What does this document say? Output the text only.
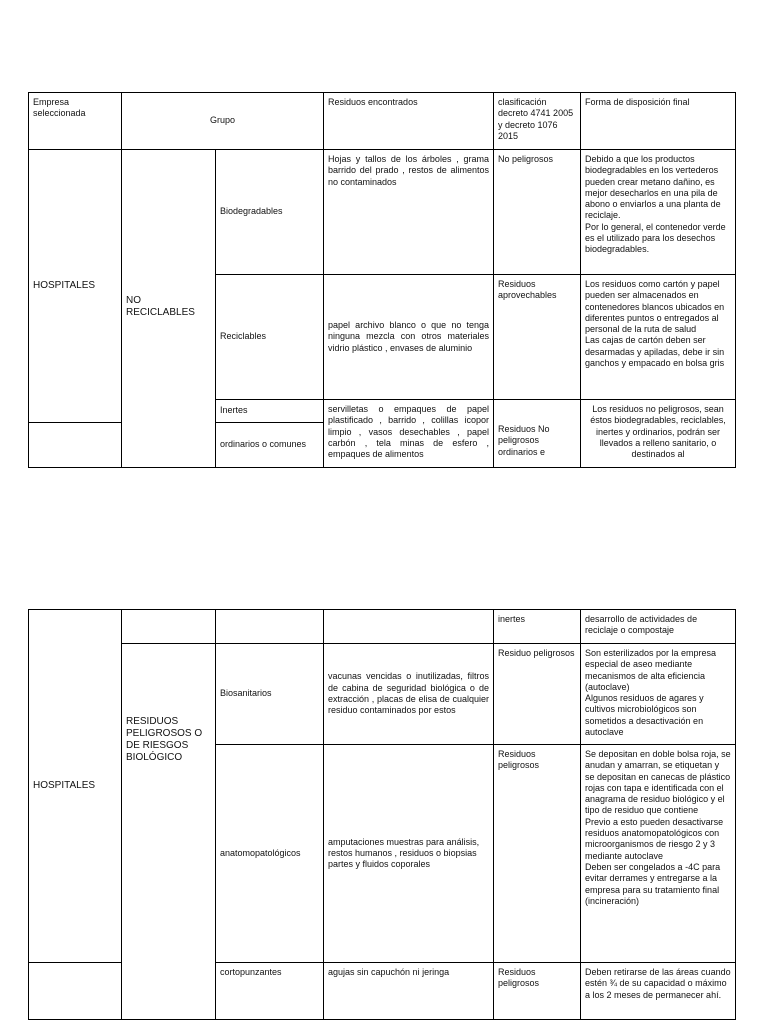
Empresa seleccionada	Grupo		Residuos encontrados	clasificación decreto 4741 2005 y decreto 1076 2015	Forma de disposición final
HOSPITALES	NO RECICLABLES	Biodegradables	Hojas y tallos de los árboles , grama barrido del prado , restos de alimentos no contaminados	No peligrosos	Debido a que los productos biodegradables en los vertederos pueden crear metano dañino, es mejor desecharlos en una pila de abono o enviarlos a una planta de reciclaje.
Por lo general, el contenedor verde es el utilizado para los desechos biodegradables.
		Reciclables	papel archivo blanco o que no tenga ninguna mezcla con otros materiales vidrio plástico , envases de aluminio	Residuos aprovechables	Los residuos como cartón y papel pueden ser almacenados en contenedores blancos ubicados en diferentes puntos o entregados al personal de la ruta de salud
Las cajas de cartón deben ser desarmadas y apiladas, debe ir sin ganchos y empacado en bolsa gris
		Inertes	servilletas o empaques de papel plastificado , barrido , colillas icopor limpio , vasos desechables , papel carbón , tela minas de esfero , empaques de alimentos	Residuos No peligrosos ordinarios e	Los residuos no peligrosos, sean éstos biodegradables, reciclables, inertes y ordinarios, podrán ser llevados a relleno sanitario, o destinados al
		ordinarios o comunes			
HOSPITALES				inertes	desarrollo de actividades de reciclaje o compostaje
	RESIDUOS PELIGROSOS O DE RIESGOS BIOLÓGICO	Biosanitarios	vacunas vencidas o inutilizadas, filtros de cabina de seguridad biológica o de extracción , placas de elisa de cualquier residuo contaminados por estos	Residuo peligrosos	Son esterilizados por la empresa especial de aseo mediante mecanismos de alta eficiencia (autoclave)
Algunos residuos de agares y cultivos microbiológicos son sometidos a desactivación en autoclave
		anatomopatológicos	amputaciones muestras para análisis, restos humanos , residuos o biopsias partes y fluidos coporales	Residuos peligrosos	Se depositan en doble bolsa roja, se anudan y amarran, se etiquetan y se depositan en canecas de plástico rojas con tapa e identificada con el anagrama de residuo biológico y el tipo de residuo que contiene
Previo a esto pueden desactivarse residuos anatomopatológicos con microorganismos de riesgo 2 y 3 mediante autoclave
Deben ser congelados a -4C para evitar derrames y entregarse a la empresa para su tratamiento final (incineración)
		cortopunzantes	agujas sin capuchón ni jeringa	Residuos peligrosos	Deben retirarse de las áreas cuando estén ¾ de su capacidad o máximo a los 2 meses de permanecer ahí.
